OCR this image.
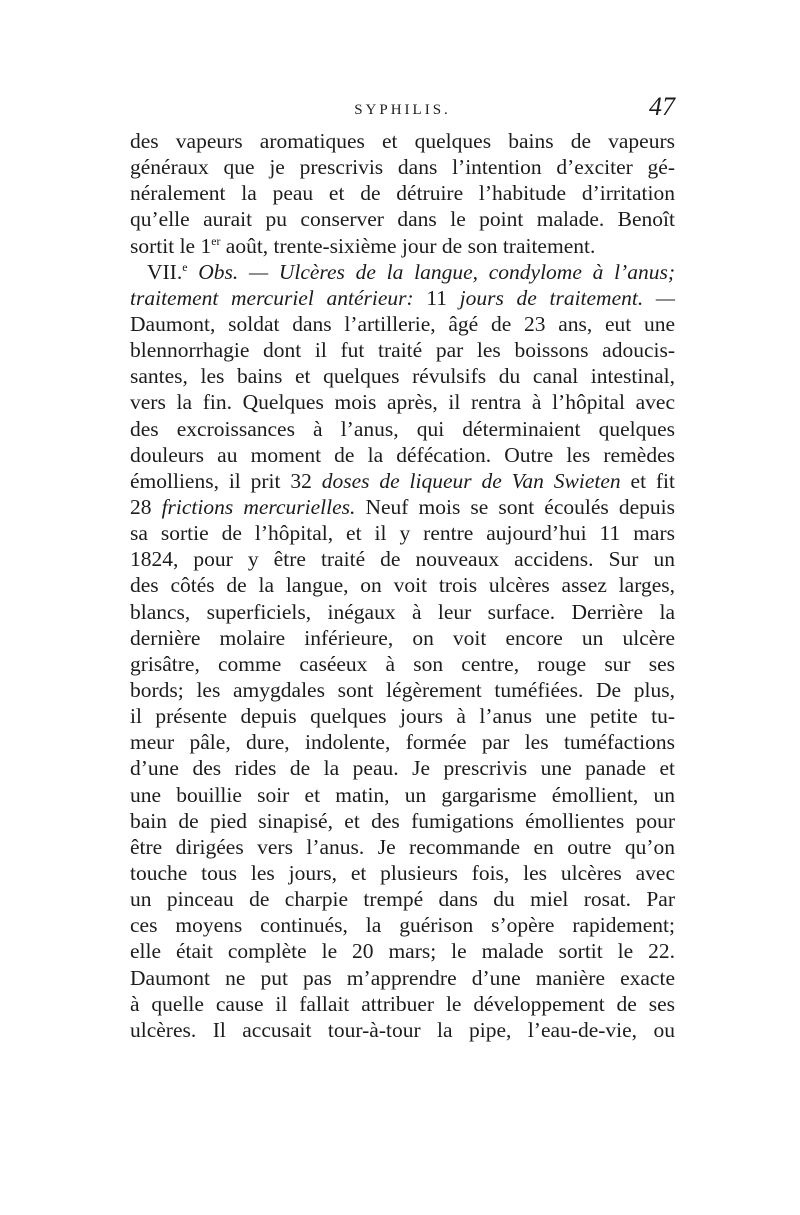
SYPHILIS.	47
des vapeurs aromatiques et quelques bains de vapeurs
généraux que je prescrivis dans l’intention d’exciter gé-
néralement la peau et de détruire l’habitude d’irritation
qu’elle aurait pu conserver dans le point malade. Benoît
sortit le 1er août, trente-sixième jour de son traitement.
VII.$^e$ Obs. — Ulcères de la langue, condylome à l’anus;
traitement mercuriel antérieur: 11 jours de traitement. —
Daumont, soldat dans l’artillerie, âgé de 23 ans, eut une
blennorrhagie dont il fut traité par les boissons adoucis-
santes, les bains et quelques révulsifs du canal intestinal,
vers la fin. Quelques mois après, il rentra à l’hôpital avec
des excroissances à l’anus, qui déterminaient quelques
douleurs au moment de la défécation. Outre les remèdes
émolliens, il prit 32 doses de liqueur de Van Swieten et fit
28 frictions mercurielles. Neuf mois se sont écoulés depuis
sa sortie de l’hôpital, et il y rentre aujourd’hui 11 mars
1824, pour y être traité de nouveaux accidens. Sur un
des côtés de la langue, on voit trois ulcères assez larges,
blancs, superficiels, inégaux à leur surface. Derrière la
dernière molaire inférieure, on voit encore un ulcère
grisâtre, comme caséeux à son centre, rouge sur ses
bords; les amygdales sont légèrement tuméfiées. De plus,
il présente depuis quelques jours à l’anus une petite tu-
meur pâle, dure, indolente, formée par les tuméfactions
d’une des rides de la peau. Je prescrivis une panade et
une bouillie soir et matin, un gargarisme émollient, un
bain de pied sinapisé, et des fumigations émollientes pour
être dirigées vers l’anus. Je recommande en outre qu’on
touche tous les jours, et plusieurs fois, les ulcères avec
un pinceau de charpie trempé dans du miel rosat. Par
ces moyens continués, la guérison s’opère rapidement;
elle était complète le 20 mars; le malade sortit le 22.
Daumont ne put pas m’apprendre d’une manière exacte
à quelle cause il fallait attribuer le développement de ses
ulcères. Il accusait tour-à-tour la pipe, l’eau-de-vie, ou
